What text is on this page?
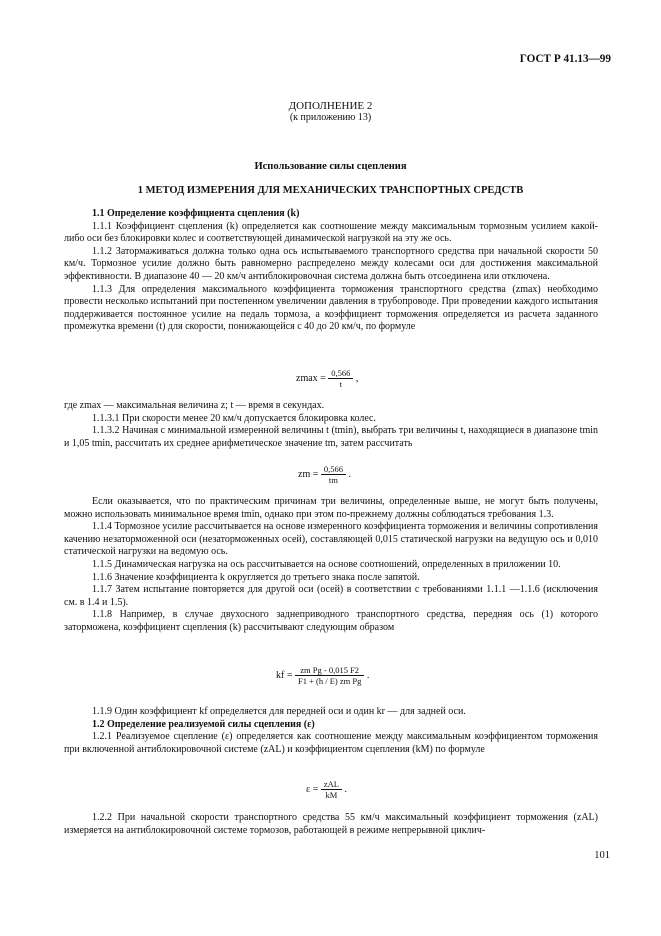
ГОСТ Р 41.13—99
ДОПОЛНЕНИЕ 2
(к приложению 13)
Использование силы сцепления
1 МЕТОД ИЗМЕРЕНИЯ ДЛЯ МЕХАНИЧЕСКИХ ТРАНСПОРТНЫХ СРЕДСТВ

1.1 Определение коэффициента сцепления (k)

1.1.1 Коэффициент сцепления (k) определяется как соотношение между максимальным тормозным усилием какой-либо оси без блокировки колес и соответствующей динамической нагрузкой на эту же ось.

1.1.2 Затормаживаться должна только одна ось испытываемого транспортного средства при начальной скорости 50 км/ч. Тормозное усилие должно быть равномерно распределено между колесами оси для достижения максимальной эффективности. В диапазоне 40 — 20 км/ч антиблокировочная система должна быть отсоединена или отключена.

1.1.3 Для определения максимального коэффициента торможения транспортного средства (zmax) необходимо провести несколько испытаний при постепенном увеличении давления в трубопроводе. При проведении каждого испытания поддерживается постоянное усилие на педаль тормоза, а коэффициент торможения определяется из расчета заданного промежутка времени (t) для скорости, понижающейся с 40 до 20 км/ч, по формуле

$zmax = \frac{0,566}{t}$ ,

где zmax — максимальная величина z; t — время в секундах.

1.1.3.1 При скорости менее 20 км/ч допускается блокировка колес.

1.1.3.2 Начиная с минимальной измеренной величины t (tmin), выбрать три величины t, находящиеся в диапазоне tmin и 1,05 tmin, рассчитать их среднее арифметическое значение tm, затем рассчитать

zm = $\frac{0,566}{tm}$ .

Если оказывается, что по практическим причинам три величины, определенные выше, не могут быть получены, можно использовать минимальное время tmin, однако при этом по-прежнему должны соблюдаться требования 1.3.

1.1.4 Тормозное усилие рассчитывается на основе измеренного коэффициента торможения и величины сопротивления качению незаторможенной оси (незаторможенных осей), составляющей 0,015 статической нагрузки на ведущую ось и 0,010 статической нагрузки на ведомую ось.

1.1.5 Динамическая нагрузка на ось рассчитывается на основе соотношений, определенных в приложении 10.

1.1.6 Значение коэффициента k округляется до третьего знака после запятой.

1.1.7 Затем испытание повторяется для другой оси (осей) в соответствии с требованиями 1.1.1 —1.1.6 (исключения см. в 1.4 и 1.5).

1.1.8 Например, в случае двухосного заднеприводного транспортного средства, передняя ось (1) которого заторможена, коэффициент сцепления (k) рассчитывают следующим образом

kf = $\frac{\text{zm Pg - 0,015 F2}}{\text{F1 + (h / E) zm Pg}}$ .

1.1.9 Один коэффициент kf определяется для передней оси и один kr — для задней оси.

1.2 Определение реализуемой силы сцепления (ε)

1.2.1 Реализуемое сцепление (ε) определяется как соотношение между максимальным коэффициентом торможения при включенной антиблокировочной системе (zAL) и коэффициентом сцепления (kM) по формуле

$\varepsilon = \frac{\text{zAL}}{kM}$ .

1.2.2 При начальной скорости транспортного средства 55 км/ч максимальный коэффициент торможения (zAL) измеряется на антиблокировочной системе тормозов, работающей в режиме непрерывной циклич-

101
